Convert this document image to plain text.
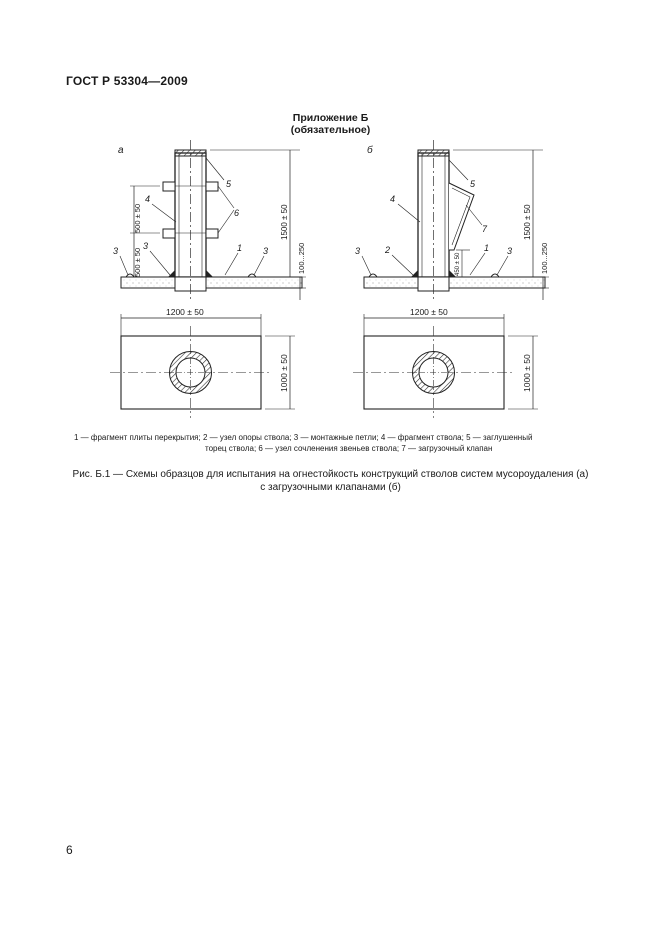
ГОСТ Р 53304—2009
Приложение Б
(обязательное)
а
500 ± 50
500 ± 50
1500 ± 50
100...250
5
6
4
3
3	1 3
б
450 ± 50
1500 ± 50
100...250
5
7
4
2
3	1 3
1200 ± 50
1000 ± 50
1200 ± 50
1000 ± 50
1 — фрагмент плиты перекрытия; 2 — узел опоры ствола; 3 — монтажные петли; 4 — фрагмент ствола; 5 — заглушенный
торец ствола; 6 — узел сочленения звеньев ствола; 7 — загрузочный клапан
Рис. Б.1 — Схемы образцов для испытания на огнестойкость конструкций стволов систем мусороудаления (а)
с загрузочными клапанами (б)
6
